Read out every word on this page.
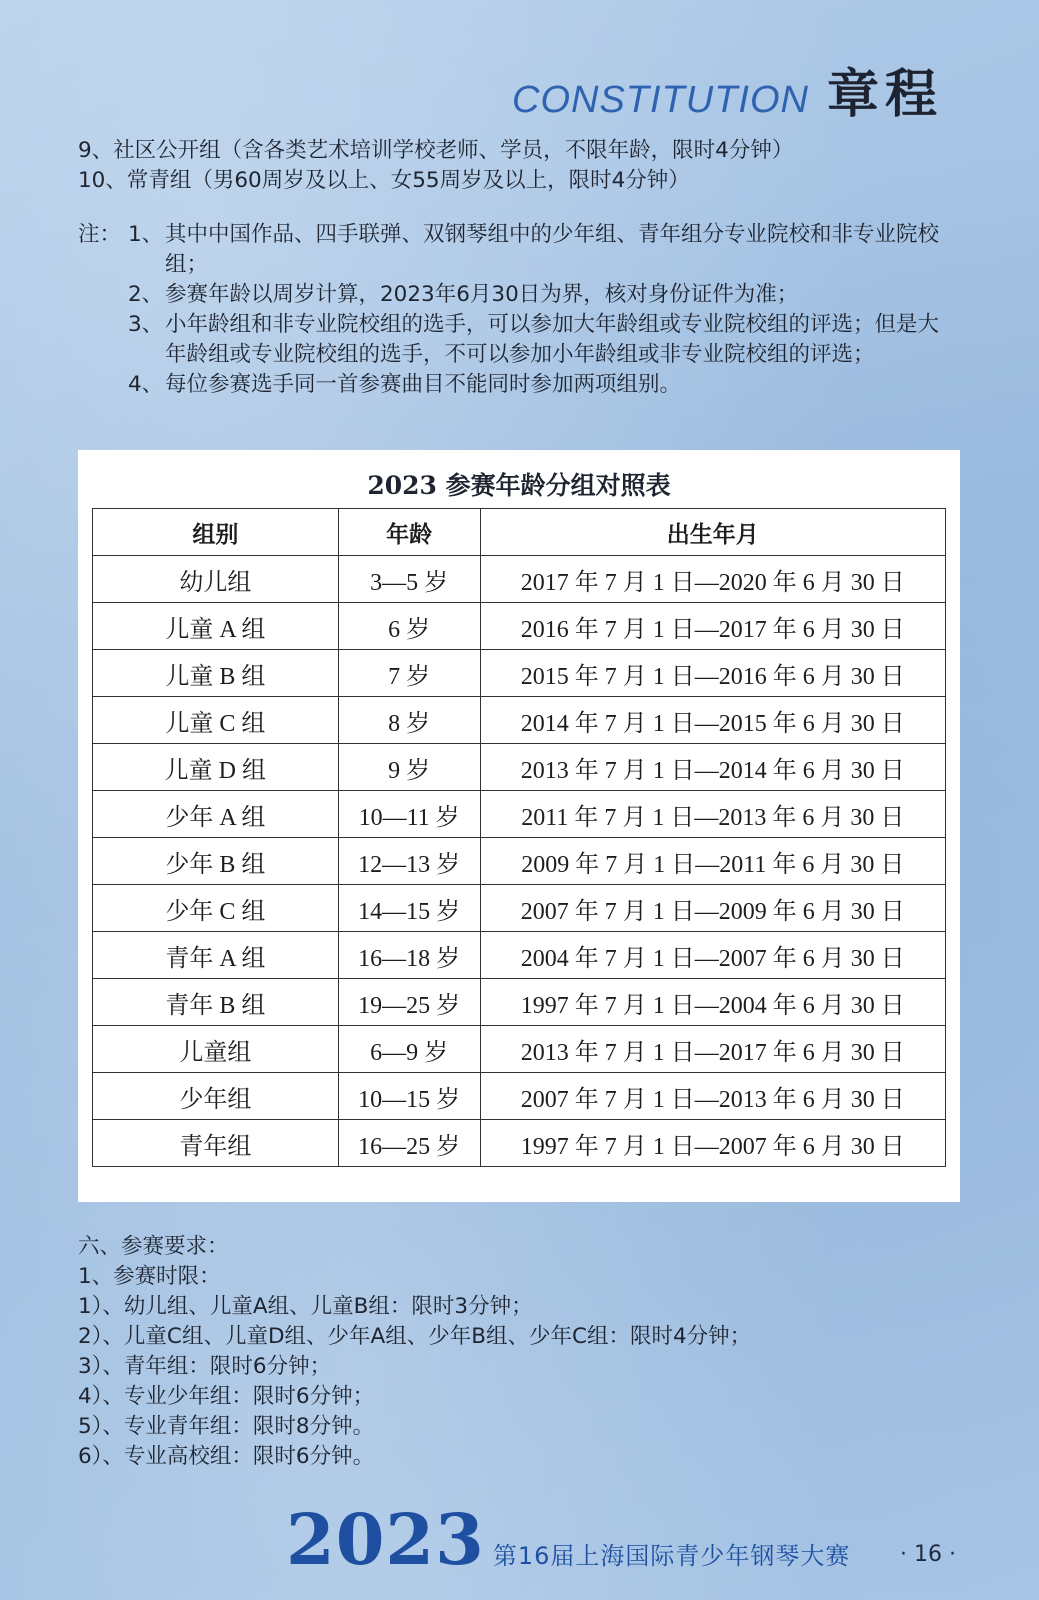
CONSTITUTION 章程
9、社区公开组（含各类艺术培训学校老师、学员，不限年龄，限时4分钟）
10、常青组（男60周岁及以上、女55周岁及以上，限时4分钟）
注： 1、 其中中国作品、四手联弹、双钢琴组中的少年组、青年组分专业院校和非专业院校组；
2、 参赛年龄以周岁计算，2023年6月30日为界，核对身份证件为准；
3、 小年龄组和非专业院校组的选手，可以参加大年龄组或专业院校组的评选；但是大年龄组或专业院校组的选手，不可以参加小年龄组或非专业院校组的评选；
4、 每位参赛选手同一首参赛曲目不能同时参加两项组别。
2023 参赛年龄分组对照表
组别	年龄	出生年月
幼儿组	3—5 岁	2017 年 7 月 1 日—2020 年 6 月 30 日
儿童 A 组	6 岁	2016 年 7 月 1 日—2017 年 6 月 30 日
儿童 B 组	7 岁	2015 年 7 月 1 日—2016 年 6 月 30 日
儿童 C 组	8 岁	2014 年 7 月 1 日—2015 年 6 月 30 日
儿童 D 组	9 岁	2013 年 7 月 1 日—2014 年 6 月 30 日
少年 A 组	10—11 岁	2011 年 7 月 1 日—2013 年 6 月 30 日
少年 B 组	12—13 岁	2009 年 7 月 1 日—2011 年 6 月 30 日
少年 C 组	14—15 岁	2007 年 7 月 1 日—2009 年 6 月 30 日
青年 A 组	16—18 岁	2004 年 7 月 1 日—2007 年 6 月 30 日
青年 B 组	19—25 岁	1997 年 7 月 1 日—2004 年 6 月 30 日
儿童组	6—9 岁	2013 年 7 月 1 日—2017 年 6 月 30 日
少年组	10—15 岁	2007 年 7 月 1 日—2013 年 6 月 30 日
青年组	16—25 岁	1997 年 7 月 1 日—2007 年 6 月 30 日
六、参赛要求：
1、参赛时限：
1）、幼儿组、儿童A组、儿童B组：限时3分钟；
2）、儿童C组、儿童D组、少年A组、少年B组、少年C组：限时4分钟；
3）、青年组：限时6分钟；
4）、专业少年组：限时6分钟；
5）、专业青年组：限时8分钟。
6）、专业高校组：限时6分钟。
2023 第16届上海国际青少年钢琴大赛 · 16 ·
